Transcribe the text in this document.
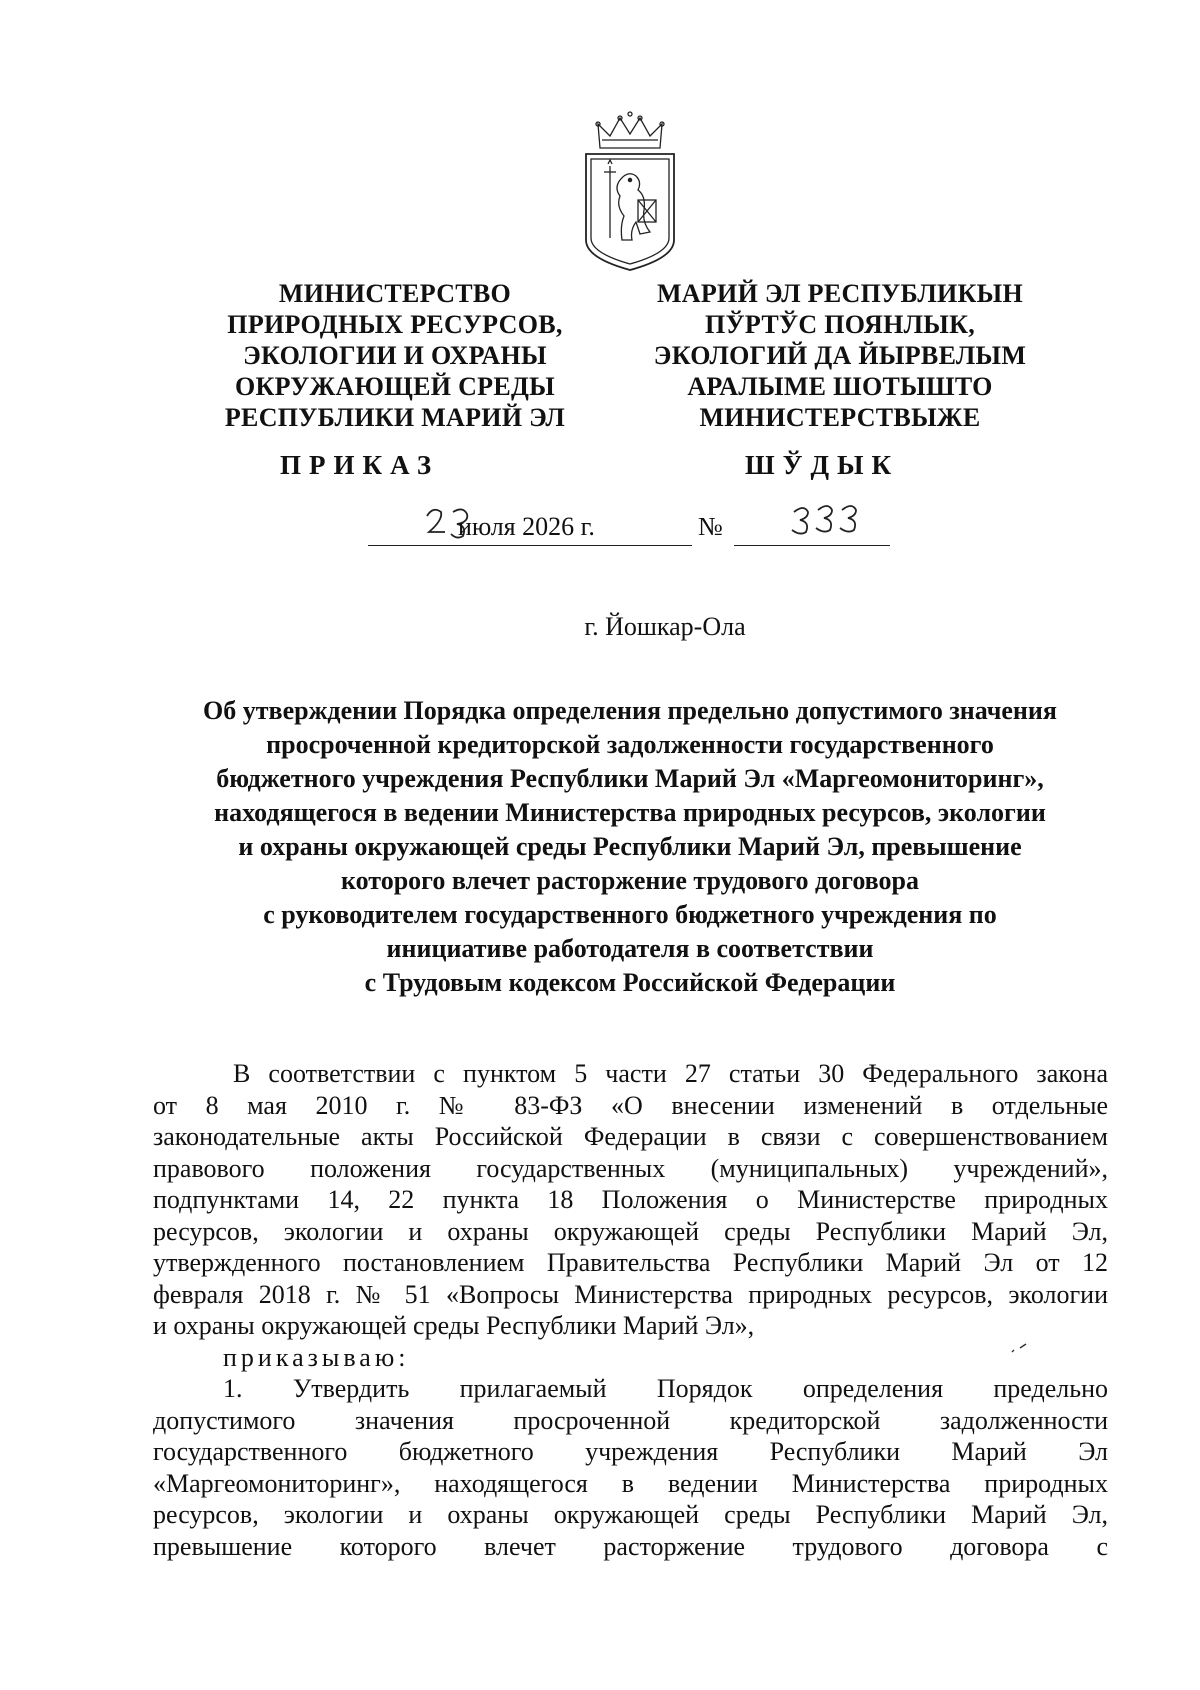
МИНИСТЕРСТВО
ПРИРОДНЫХ РЕСУРСОВ,
ЭКОЛОГИИ И ОХРАНЫ
ОКРУЖАЮЩЕЙ СРЕДЫ
РЕСПУБЛИКИ МАРИЙ ЭЛ
МАРИЙ ЭЛ РЕСПУБЛИКЫН
ПЎРТЎС ПОЯНЛЫК,
ЭКОЛОГИЙ ДА ЙЫРВЕЛЫМ
АРАЛЫМЕ ШОТЫШТО
МИНИСТЕРСТВЫЖЕ
ПРИКАЗ	ШЎДЫК
июля 2026 г.	№
г. Йошкар-Ола
Об утверждении Порядка определения предельно допустимого значения
просроченной кредиторской задолженности государственного
бюджетного учреждения Республики Марий Эл «Маргеомониторинг»,
находящегося в ведении Министерства природных ресурсов, экологии
и охраны окружающей среды Республики Марий Эл, превышение
которого влечет расторжение трудового договора
с руководителем государственного бюджетного учреждения по
инициативе работодателя в соответствии
с Трудовым кодексом Российской Федерации
В соответствии с пунктом 5 части 27 статьи 30 Федерального закона
от 8 мая 2010 г. № 83-ФЗ «О внесении изменений в отдельные
законодательные акты Российской Федерации в связи с совершенствованием
правового положения государственных (муниципальных) учреждений»,
подпунктами 14, 22 пункта 18 Положения о Министерстве природных
ресурсов, экологии и охраны окружающей среды Республики Марий Эл,
утвержденного постановлением Правительства Республики Марий Эл от 12
февраля 2018 г. № 51 «Вопросы Министерства природных ресурсов, экологии
и охраны окружающей среды Республики Марий Эл»,
приказываю:
1. Утвердить прилагаемый Порядок определения предельно
допустимого значения просроченной кредиторской задолженности
государственного бюджетного учреждения Республики Марий Эл
«Маргеомониторинг», находящегося в ведении Министерства природных
ресурсов, экологии и охраны окружающей среды Республики Марий Эл,
превышение которого влечет расторжение трудового договора с
